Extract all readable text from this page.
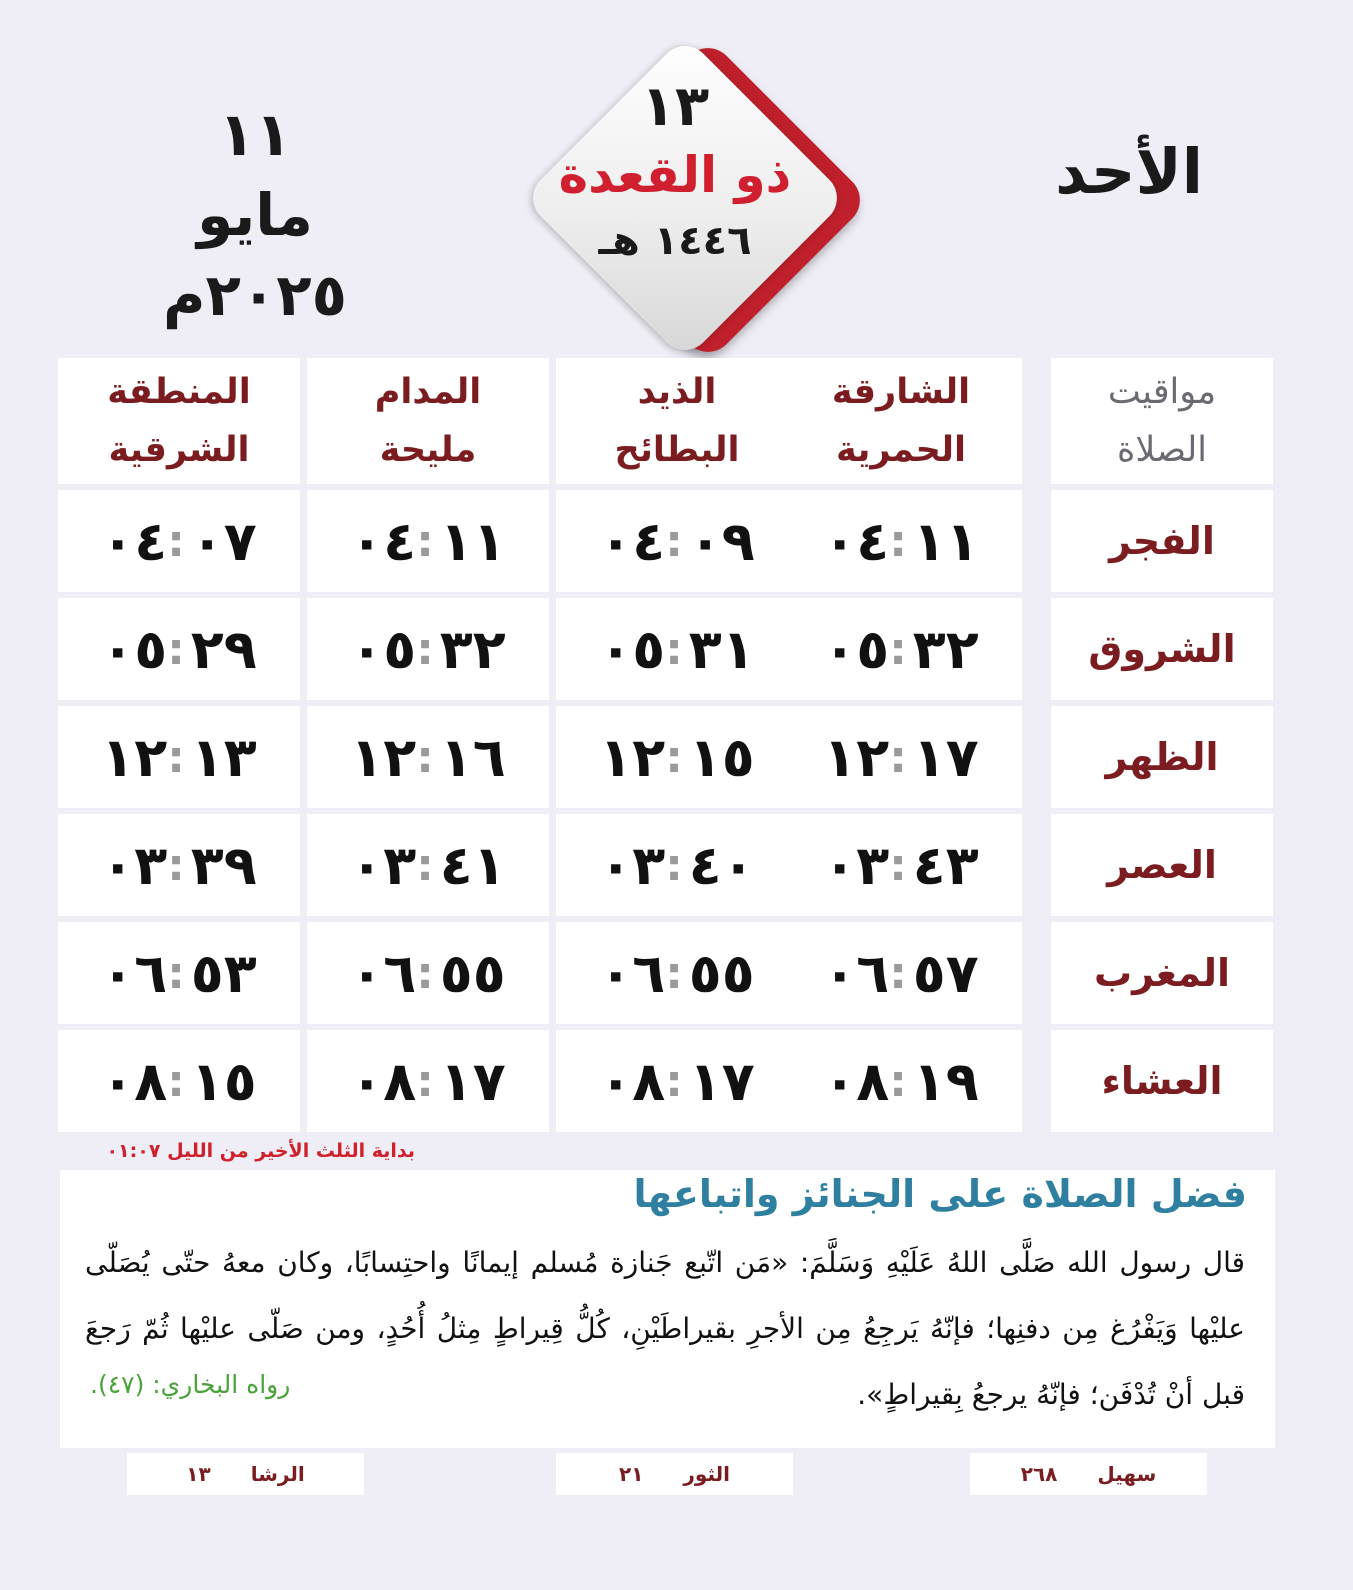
الأحد
١١
مايو
٢٠٢٥م
١٣
ذو القعدة
١٤٤٦ هـ
مواقيت
الصلاة
الشارقة
الحمرية
الذيد
البطائح
المدام
مليحة
المنطقة
الشرقية
الفجر
٠٤ : ١١
٠٤ : ٠٩
٠٤ : ١١
٠٤ : ٠٧
الشروق
٠٥ : ٣٢
٠٥ : ٣١
٠٥ : ٣٢
٠٥ : ٢٩
الظهر
١٢ : ١٧
١٢ : ١٥
١٢ : ١٦
١٢ : ١٣
العصر
٠٣ : ٤٣
٠٣ : ٤٠
٠٣ : ٤١
٠٣ : ٣٩
المغرب
٠٦ : ٥٧
٠٦ : ٥٥
٠٦ : ٥٥
٠٦ : ٥٣
العشاء
٠٨ : ١٩
٠٨ : ١٧
٠٨ : ١٧
٠٨ : ١٥
بداية الثلث الأخير من الليل ٠١:٠٧
فضل الصلاة على الجنائز واتباعها
قال رسول الله صَلَّى اللهُ عَلَيْهِ وَسَلَّمَ: «مَن اتّبع جَنازة مُسلم إيمانًا واحتِسابًا، وكان معهُ حتّى يُصَلّى عليْها وَيَفْرُغ مِن دفنِها؛ فإنّهُ يَرجِعُ مِن الأجرِ بقيراطَيْنِ، كُلُّ قِيراطٍ مِثلُ أُحُدٍ، ومن صَلّى عليْها ثُمّ رَجعَ قبل أنْ تُدْفَن؛ فإنّهُ يرجعُ بِقيراطٍ».
رواه البخاري: (٤٧).
سهيل
٢٦٨
الثور
٢١
الرشا
١٣
